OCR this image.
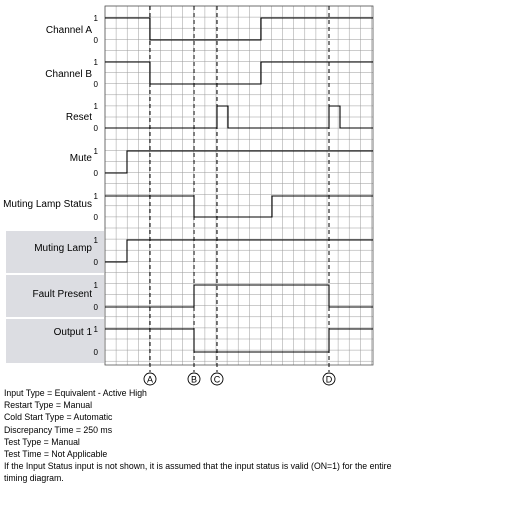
A	B C	D
Channel A
1
0
Channel B
1
0
Reset
1
0
Mute
1
0
Muting Lamp Status
1
0
Muting Lamp
1
0
Fault Present
1
0
Output 1 1
0
Input Type = Equivalent - Active High
Restart Type = Manual
Cold Start Type = Automatic
Discrepancy Time = 250 ms
Test Type = Manual
Test Time = Not Applicable
If the Input Status input is not shown, it is assumed that the input status is valid (ON=1) for the entire
timing diagram.
